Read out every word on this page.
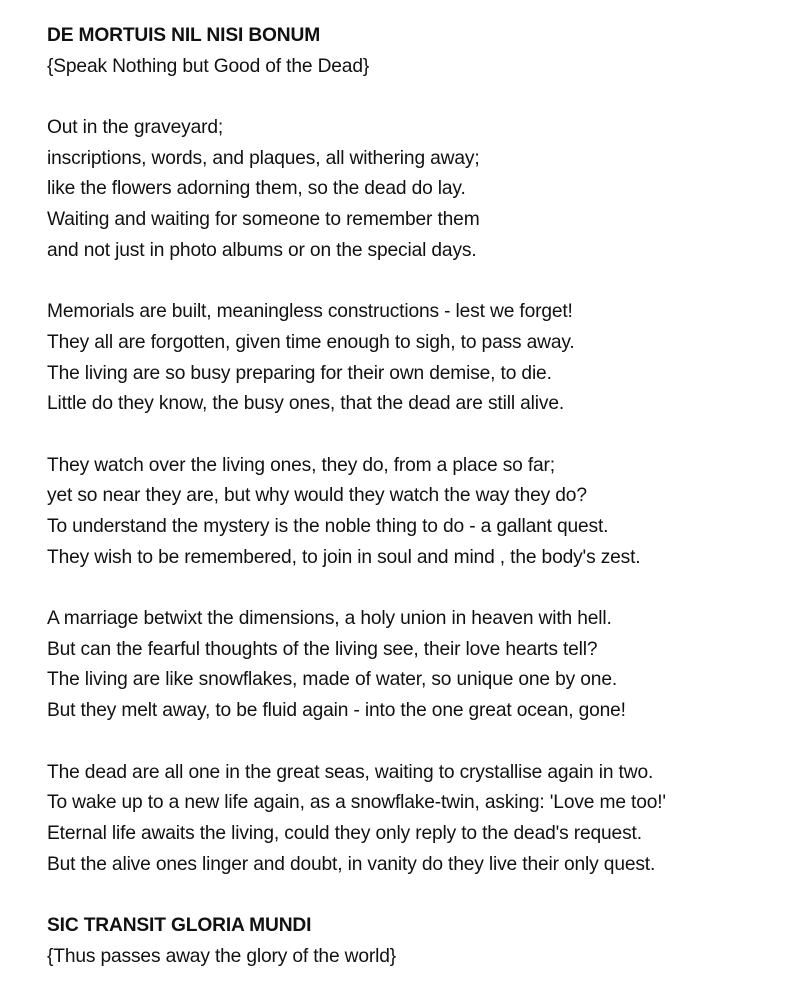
DE MORTUIS NIL NISI BONUM
{Speak Nothing but Good of the Dead}
Out in the graveyard;
inscriptions, words, and plaques, all withering away;
like the flowers adorning them, so the dead do lay.
Waiting and waiting for someone to remember them
and not just in photo albums or on the special days.
Memorials are built, meaningless constructions - lest we forget!
They all are forgotten, given time enough to sigh, to pass away.
The living are so busy preparing for their own demise, to die.
Little do they know, the busy ones, that the dead are still alive.
They watch over the living ones, they do, from a place so far;
yet so near they are, but why would they watch the way they do?
To understand the mystery is the noble thing to do - a gallant quest.
They wish to be remembered, to join in soul and mind , the body's zest.
A marriage betwixt the dimensions, a holy union in heaven with hell.
But can the fearful thoughts of the living see, their love hearts tell?
The living are like snowflakes, made of water, so unique one by one.
But they melt away, to be fluid again - into the one great ocean, gone!
The dead are all one in the great seas, waiting to crystallise again in two.
To wake up to a new life again, as a snowflake-twin, asking: 'Love me too!'
Eternal life awaits the living, could they only reply to the dead's request.
But the alive ones linger and doubt, in vanity do they live their only quest.
SIC TRANSIT GLORIA MUNDI
{Thus passes away the glory of the world}
